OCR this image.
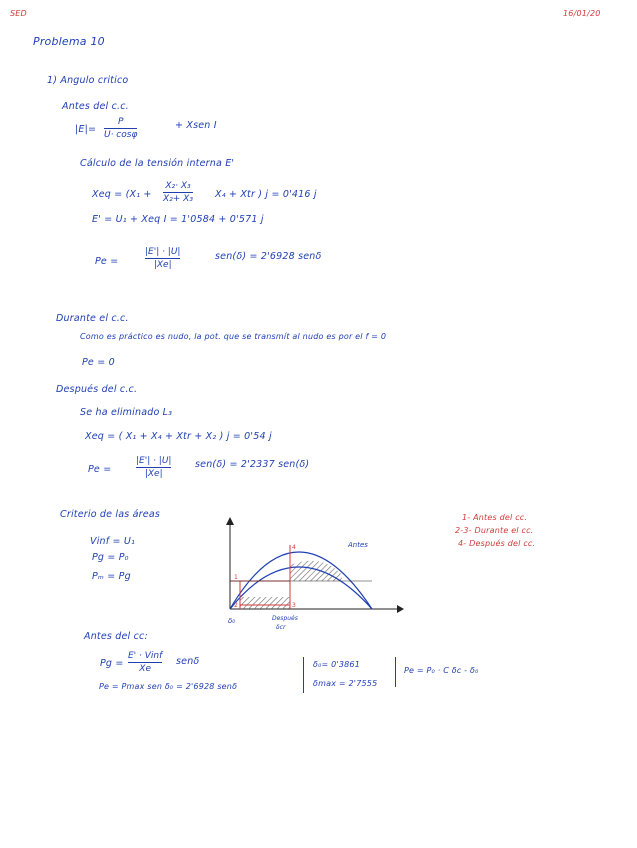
SED	16/01/20
Problema 10
1) Angulo critico
Antes del c.c.
|E|=
P
U· cosφ
+ Xsen I
Cálculo de la tensión interna E'
Xeq = (X₁ +
X₂· X₃
X₂+ X₃ X₄ + Xtr ) j = 0'416 j
E' = U₁ + Xeq I = 1'0584 + 0'571 j
Pe =
|E'| · |U|
|Xe|
sen(δ) = 2'6928 senδ
Durante el c.c.
Como es práctico es nudo, la pot. que se transmít al nudo es por el f = 0
Pe = 0
Después del c.c.
Se ha eliminado L₃
Xeq = ( X₁ + X₄ + Xtr + X₂ ) j = 0'54 j
Pe =
|E'| · |U|
|Xe|
sen(δ) = 2'2337 sen(δ)
Criterio de las áreas
Vinf = U₁
Pg = P₀
Pₘ = Pg
1- Antes del cc.
2-3- Durante el cc.
4- Después del cc.
1
2	3
4	Antes
δ₀	Después
δcr
Antes del cc:
Pg =
E' · Vinf
Xe
senδ
Pe = Pmax sen δ₀ = 2'6928 senδ
δ₀= 0'3861
δmax = 2'7555
Pe = P₀ · C δc - δ₀
